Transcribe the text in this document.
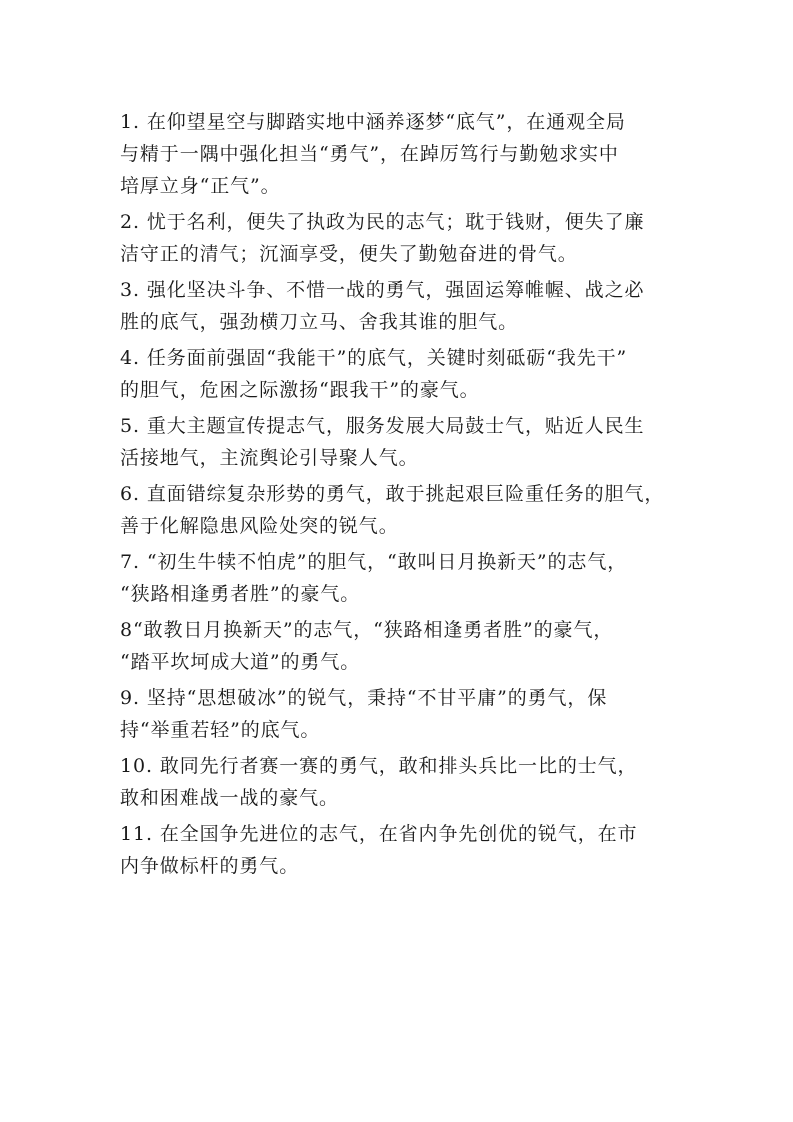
1. 在仰望星空与脚踏实地中涵养逐梦“底气”，在通观全局
与精于一隅中强化担当“勇气”，在踔厉笃行与勤勉求实中
培厚立身“正气”。

2. 忧于名利，便失了执政为民的志气；耽于钱财，便失了廉
洁守正的清气；沉湎享受，便失了勤勉奋进的骨气。

3. 强化坚决斗争、不惜一战的勇气，强固运筹帷幄、战之必
胜的底气，强劲横刀立马、舍我其谁的胆气。

4. 任务面前强固“我能干”的底气，关键时刻砥砺“我先干”
的胆气，危困之际激扬“跟我干”的豪气。

5. 重大主题宣传提志气，服务发展大局鼓士气，贴近人民生
活接地气，主流舆论引导聚人气。

6. 直面错综复杂形势的勇气，敢于挑起艰巨险重任务的胆气，
善于化解隐患风险处突的锐气。

7. “初生牛犊不怕虎”的胆气，“敢叫日月换新天”的志气，
“狭路相逢勇者胜”的豪气。

8“敢教日月换新天”的志气，“狭路相逢勇者胜”的豪气，
“踏平坎坷成大道”的勇气。

9. 坚持“思想破冰”的锐气，秉持“不甘平庸”的勇气，保
持“举重若轻”的底气。

10. 敢同先行者赛一赛的勇气，敢和排头兵比一比的士气，
敢和困难战一战的豪气。

11. 在全国争先进位的志气，在省内争先创优的锐气，在市
内争做标杆的勇气。
